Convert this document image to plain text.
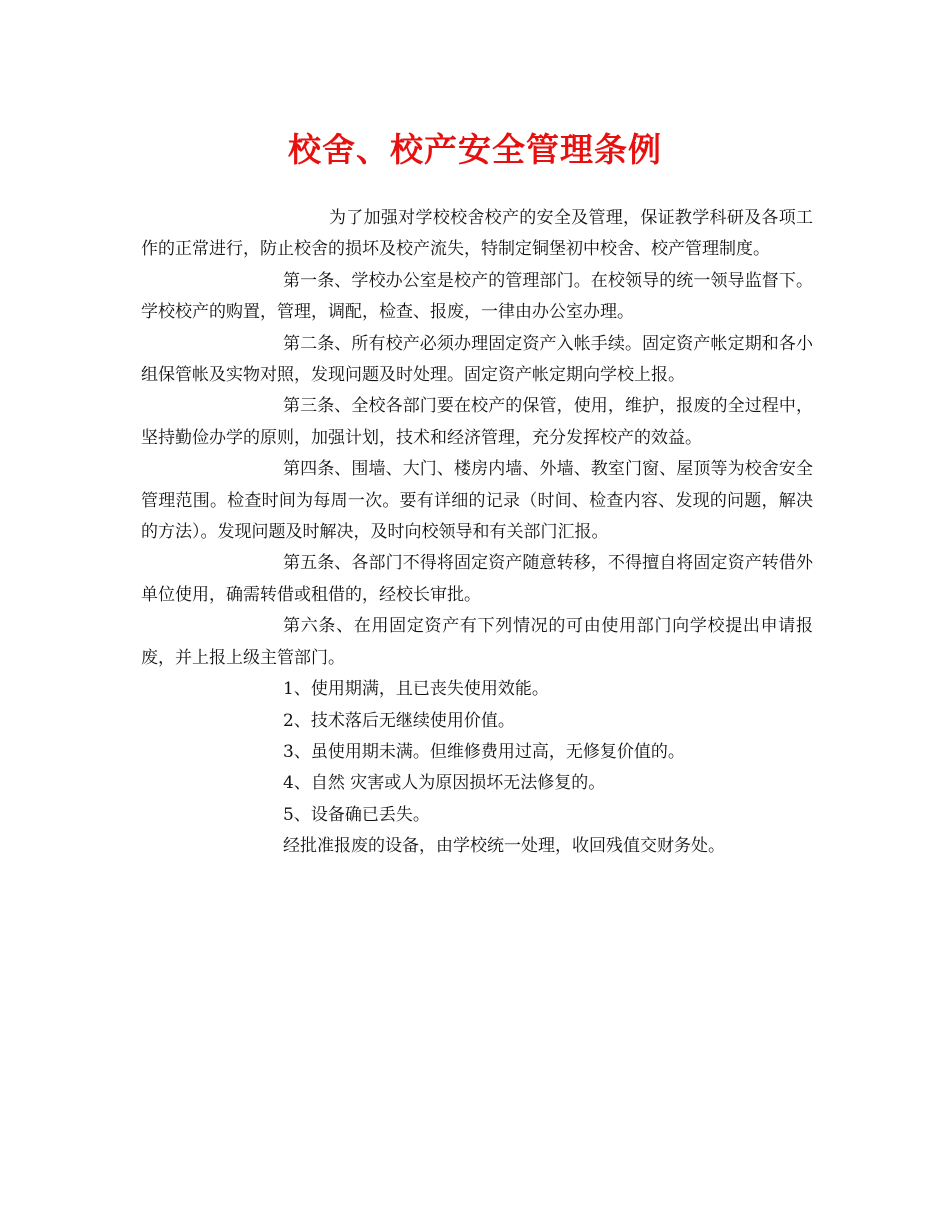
校舍、校产安全管理条例

为了加强对学校校舍校产的安全及管理，保证教学科研及各项工作的正常进行，防止校舍的损坏及校产流失，特制定铜堡初中校舍、校产管理制度。

第一条、学校办公室是校产的管理部门。在校领导的统一领导监督下。学校校产的购置，管理，调配，检查、报废，一律由办公室办理。

第二条、所有校产必须办理固定资产入帐手续。固定资产帐定期和各小组保管帐及实物对照，发现问题及时处理。固定资产帐定期向学校上报。

第三条、全校各部门要在校产的保管，使用，维护，报废的全过程中，坚持勤俭办学的原则，加强计划，技术和经济管理，充分发挥校产的效益。

第四条、围墙、大门、楼房内墙、外墙、教室门窗、屋顶等为校舍安全管理范围。检查时间为每周一次。要有详细的记录（时间、检查内容、发现的问题，解决的方法）。发现问题及时解决，及时向校领导和有关部门汇报。

第五条、各部门不得将固定资产随意转移，不得擅自将固定资产转借外单位使用，确需转借或租借的，经校长审批。

第六条、在用固定资产有下列情况的可由使用部门向学校提出申请报废，并上报上级主管部门。

1、使用期满，且已丧失使用效能。

2、技术落后无继续使用价值。

3、虽使用期未满。但维修费用过高，无修复价值的。

4、自然 灾害或人为原因损坏无法修复的。

5、设备确已丢失。

经批准报废的设备，由学校统一处理，收回残值交财务处。
